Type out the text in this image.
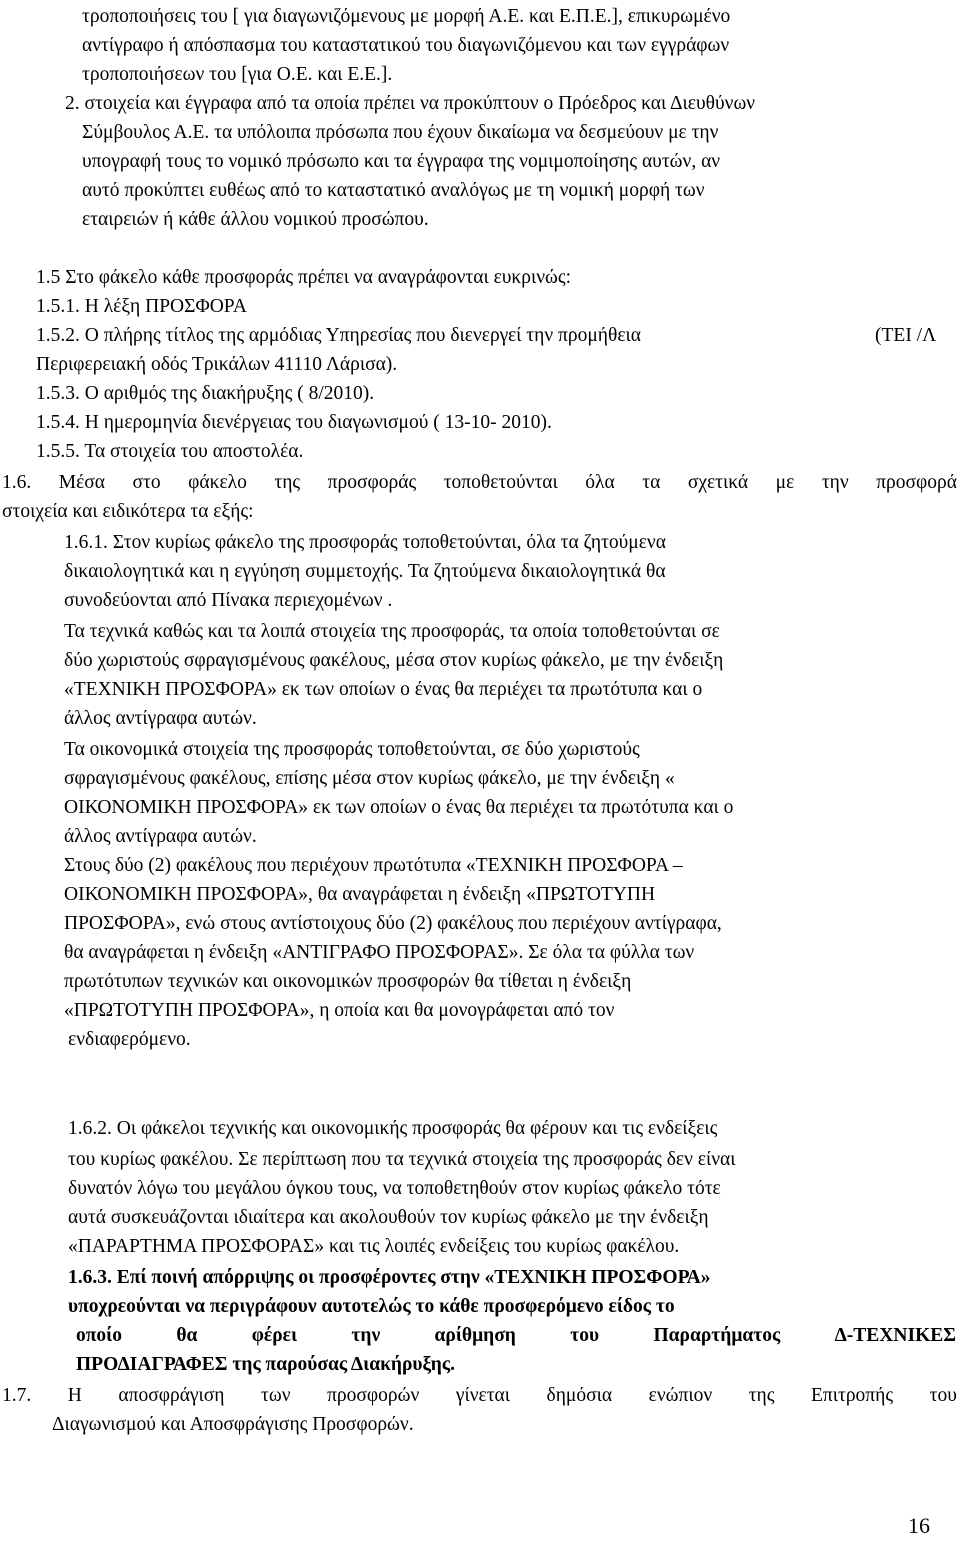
τροποποιήσεις του [ για διαγωνιζόμενους με μορφή Α.Ε. και Ε.Π.Ε.], επικυρωμένο

αντίγραφο ή απόσπασμα του καταστατικού του διαγωνιζόμενου και των εγγράφων

τροποποιήσεων του [για Ο.Ε. και Ε.Ε.].

2. στοιχεία και έγγραφα από τα οποία πρέπει να προκύπτουν ο Πρόεδρος και Διευθύνων

Σύμβουλος Α.Ε. τα υπόλοιπα πρόσωπα που έχουν δικαίωμα να δεσμεύουν με την

υπογραφή τους το νομικό πρόσωπο και τα έγγραφα της νομιμοποίησης αυτών, αν

αυτό προκύπτει ευθέως από το καταστατικό αναλόγως με τη νομική μορφή των

εταιρειών ή κάθε άλλου νομικού προσώπου.

1.5 Στο φάκελο κάθε προσφοράς πρέπει να αναγράφονται ευκρινώς:

1.5.1. Η λέξη ΠΡΟΣΦΟΡΑ

1.5.2. Ο πλήρης τίτλος της αρμόδιας Υπηρεσίας που διενεργεί την προμήθεια	(ΤΕΙ /Λ

Περιφερειακή οδός Τρικάλων 41110 Λάρισα).

1.5.3. Ο αριθμός της διακήρυξης ( 8/2010).

1.5.4. Η ημερομηνία διενέργειας του διαγωνισμού ( 13-10- 2010).

1.5.5. Τα στοιχεία του αποστολέα.

1.6. Μέσα στο φάκελο της προσφοράς τοποθετούνται όλα τα σχετικά με την προσφορά

στοιχεία και ειδικότερα τα εξής:

1.6.1. Στον κυρίως φάκελο της προσφοράς τοποθετούνται, όλα τα ζητούμενα

δικαιολογητικά και η εγγύηση συμμετοχής. Τα ζητούμενα δικαιολογητικά θα

συνοδεύονται από Πίνακα περιεχομένων .

Τα τεχνικά καθώς και τα λοιπά στοιχεία της προσφοράς, τα οποία τοποθετούνται σε

δύο χωριστούς σφραγισμένους φακέλους, μέσα στον κυρίως φάκελο, με την ένδειξη

«ΤΕΧΝΙΚΗ ΠΡΟΣΦΟΡΑ» εκ των οποίων ο ένας θα περιέχει τα πρωτότυπα και ο

άλλος αντίγραφα αυτών.

Τα οικονομικά στοιχεία της προσφοράς τοποθετούνται, σε δύο χωριστούς

σφραγισμένους φακέλους, επίσης μέσα στον κυρίως φάκελο, με την ένδειξη «

ΟΙΚΟΝΟΜΙΚΗ ΠΡΟΣΦΟΡΑ» εκ των οποίων ο ένας θα περιέχει τα πρωτότυπα και ο

άλλος αντίγραφα αυτών.

Στους δύο (2) φακέλους που περιέχουν πρωτότυπα «ΤΕΧΝΙΚΗ ΠΡΟΣΦΟΡΑ –

ΟΙΚΟΝΟΜΙΚΗ ΠΡΟΣΦΟΡΑ», θα αναγράφεται η ένδειξη «ΠΡΩΤΟΤΥΠΗ

ΠΡΟΣΦΟΡΑ», ενώ στους αντίστοιχους δύο (2) φακέλους που περιέχουν αντίγραφα,

θα αναγράφεται η ένδειξη «ΑΝΤΙΓΡΑΦΟ ΠΡΟΣΦΟΡΑΣ». Σε όλα τα φύλλα των

πρωτότυπων τεχνικών και οικονομικών προσφορών θα τίθεται η ένδειξη

«ΠΡΩΤΟΤΥΠΗ ΠΡΟΣΦΟΡΑ», η οποία και θα μονογράφεται από τον

ενδιαφερόμενο.

1.6.2. Οι φάκελοι τεχνικής και οικονομικής προσφοράς θα φέρουν και τις ενδείξεις

του κυρίως φακέλου. Σε περίπτωση που τα τεχνικά στοιχεία της προσφοράς δεν είναι

δυνατόν λόγω του μεγάλου όγκου τους, να τοποθετηθούν στον κυρίως φάκελο τότε

αυτά συσκευάζονται ιδιαίτερα και ακολουθούν τον κυρίως φάκελο με την ένδειξη

«ΠΑΡΑΡΤΗΜΑ ΠΡΟΣΦΟΡΑΣ» και τις λοιπές ενδείξεις του κυρίως φακέλου.

1.6.3. Επί ποινή απόρριψης οι προσφέροντες στην «ΤΕΧΝΙΚΗ ΠΡΟΣΦΟΡΑ»

υποχρεούνται να περιγράφουν αυτοτελώς το κάθε προσφερόμενο είδος το

οποίο	θα	φέρει	την	αρίθμηση	του	Παραρτήματος	Δ-ΤΕΧΝΙΚΕΣ

ΠΡΟΔΙΑΓΡΑΦΕΣ της παρούσας Διακήρυξης.

1.7. Η αποσφράγιση των προσφορών γίνεται δημόσια ενώπιον της Επιτροπής του

Διαγωνισμού και Αποσφράγισης Προσφορών.

16
